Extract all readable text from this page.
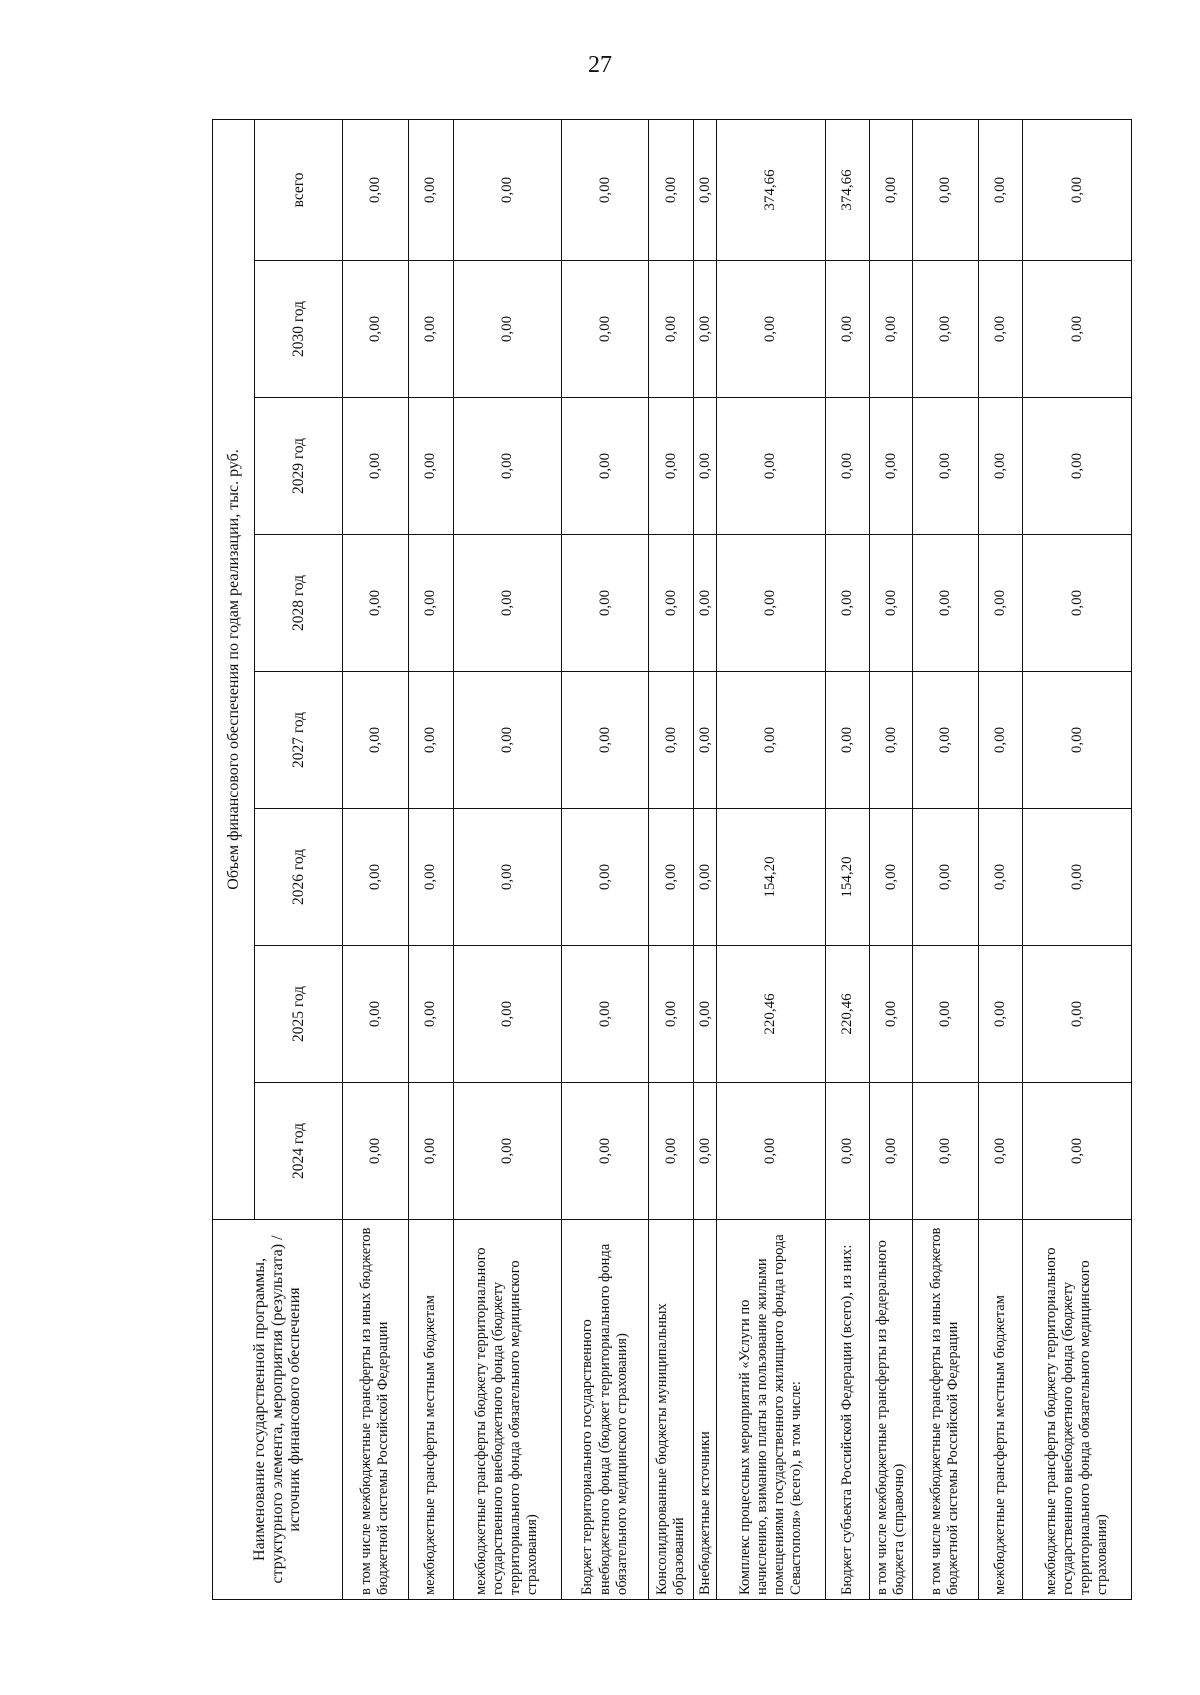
27
Наименование государственной программы, структурного элемента, мероприятия (результата) / источник финансового обеспечения	Объем финансового обеспечения по годам реализации, тыс. руб.							
	2024 год	2025 год	2026 год	2027 год	2028 год	2029 год	2030 год	всего
в том числе межбюджетные трансферты из иных бюджетов бюджетной системы Российской Федерации	0,00	0,00	0,00	0,00	0,00	0,00	0,00	0,00
межбюджетные трансферты местным бюджетам	0,00	0,00	0,00	0,00	0,00	0,00	0,00	0,00
межбюджетные трансферты бюджету территориального государственного внебюджетного фонда (бюджету территориального фонда обязательного медицинского страхования)	0,00	0,00	0,00	0,00	0,00	0,00	0,00	0,00
Бюджет территориального государственного внебюджетного фонда (бюджет территориального фонда обязательного медицинского страхования)	0,00	0,00	0,00	0,00	0,00	0,00	0,00	0,00
Консолидированные бюджеты муниципальных образований	0,00	0,00	0,00	0,00	0,00	0,00	0,00	0,00
Внебюджетные источники	0,00	0,00	0,00	0,00	0,00	0,00	0,00	0,00
Комплекс процессных мероприятий «Услуги по начислению, взиманию платы за пользование жилыми помещениями государственного жилищного фонда города Севастополя» (всего), в том числе:	0,00	220,46	154,20	0,00	0,00	0,00	0,00	374,66
Бюджет субъекта Российской Федерации (всего), из них:	0,00	220,46	154,20	0,00	0,00	0,00	0,00	374,66
в том числе межбюджетные трансферты из федерального бюджета (справочно)	0,00	0,00	0,00	0,00	0,00	0,00	0,00	0,00
в том числе межбюджетные трансферты из иных бюджетов бюджетной системы Российской Федерации	0,00	0,00	0,00	0,00	0,00	0,00	0,00	0,00
межбюджетные трансферты местным бюджетам	0,00	0,00	0,00	0,00	0,00	0,00	0,00	0,00
межбюджетные трансферты бюджету территориального государственного внебюджетного фонда (бюджету территориального фонда обязательного медицинского страхования)	0,00	0,00	0,00	0,00	0,00	0,00	0,00	0,00
